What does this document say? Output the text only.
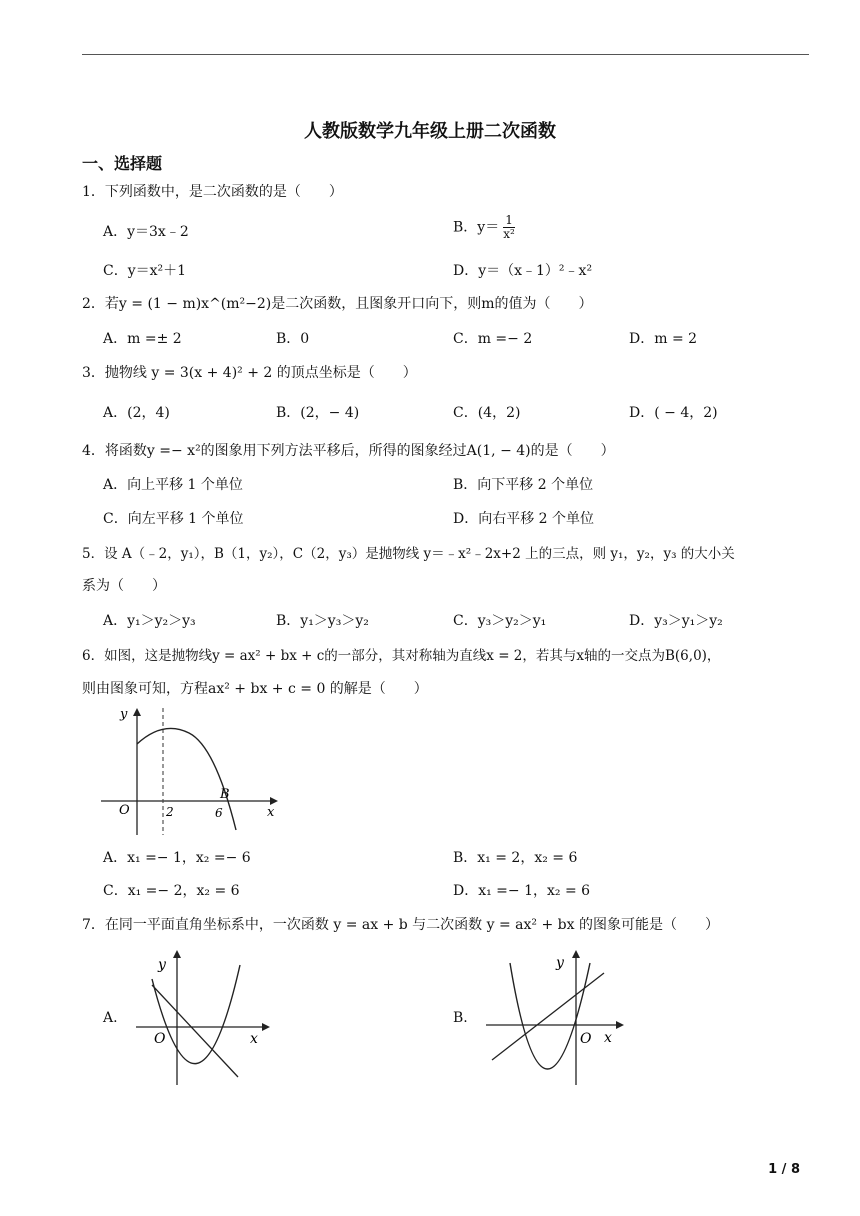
人教版数学九年级上册二次函数
一、选择题
1．下列函数中，是二次函数的是（　　）
A．y＝3x﹣2	B．$y= \frac{1}{\text{x²}}$
C．y＝x²＋1	D．y＝（x﹣1）²﹣x²
2．若y = (1 − m)x^(m²−2)是二次函数，且图象开口向下，则m的值为（　　）
A．m =± 2	B．0	C．m =− 2	D．m = 2
3．抛物线 y = 3(x + 4)² + 2 的顶点坐标是（　　）
A．(2，4)	B．(2，− 4)	C．(4，2)	D．( − 4，2)
4．将函数y =− x²的图象用下列方法平移后，所得的图象经过A(1, − 4)的是（　　）
A．向上平移 1 个单位	B．向下平移 2 个单位
C．向左平移 1 个单位	D．向右平移 2 个单位
5．设 A（﹣2，y₁），B（1，y₂），C（2，y₃）是抛物线 y＝﹣x²﹣2x+2 上的三点，则 y₁，y₂，y₃ 的大小关
系为（　　）
A．y₁＞y₂＞y₃	B．y₁＞y₃＞y₂	C．y₃＞y₂＞y₁	D．y₃＞y₁＞y₂
6．如图，这是抛物线y = ax² + bx + c的一部分，其对称轴为直线x = 2，若其与x轴的一交点为B(6,0)，
则由图象可知，方程ax² + bx + c = 0 的解是（　　）
y
x
O	2	6
B
A．x₁ =− 1，x₂ =− 6	B．x₁ = 2，x₂ = 6
C．x₁ =− 2，x₂ = 6	D．x₁ =− 1，x₂ = 6
7．在同一平面直角坐标系中，一次函数 y = ax + b 与二次函数 y = ax² + bx 的图象可能是（　　）
A.
y
x
O
B.
y
x
O
1 / 8
